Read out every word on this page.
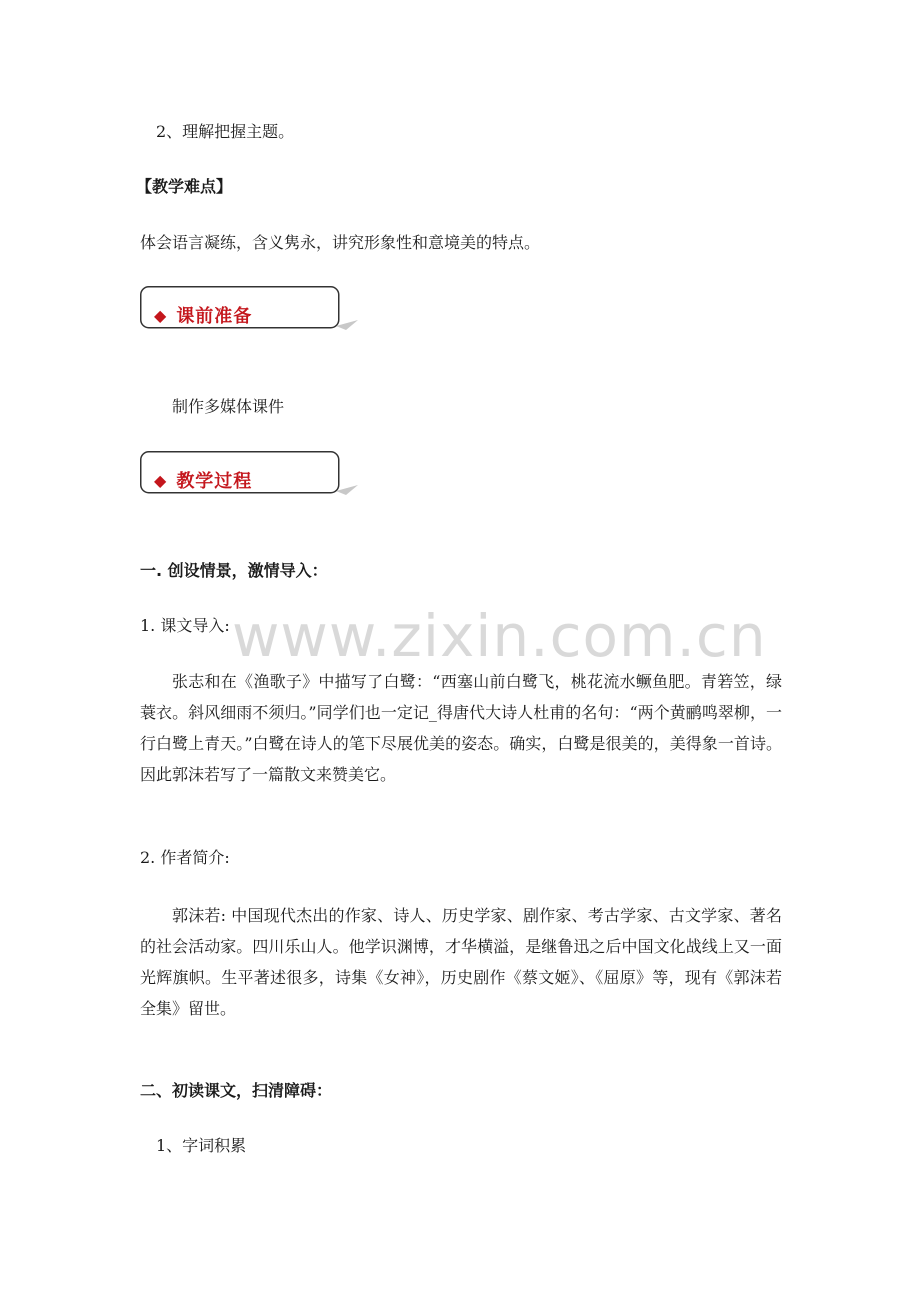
2、理解把握主题。
【教学难点】
体会语言凝练，含义隽永，讲究形象性和意境美的特点。
◆ 课前准备
制作多媒体课件
◆ 教学过程
www.zixin.com.cn
一. 创设情景，激情导入：
1. 课文导入:
张志和在《渔歌子》中描写了白鹭：“西塞山前白鹭飞，桃花流水鳜鱼肥。青箬笠，绿蓑衣。斜风细雨不须归。”同学们也一定记_得唐代大诗人杜甫的名句：“两个黄鹂鸣翠柳，一行白鹭上青天。”白鹭在诗人的笔下尽展优美的姿态。确实，白鹭是很美的，美得象一首诗。因此郭沫若写了一篇散文来赞美它。
2. 作者简介:
郭沫若: 中国现代杰出的作家、诗人、历史学家、剧作家、考古学家、古文学家、著名的社会活动家。四川乐山人。他学识渊博，才华横溢，是继鲁迅之后中国文化战线上又一面光辉旗帜。生平著述很多，诗集《女神》，历史剧作《蔡文姬》、《屈原》等，现有《郭沫若全集》留世。
二、初读课文，扫清障碍：
1、字词积累
